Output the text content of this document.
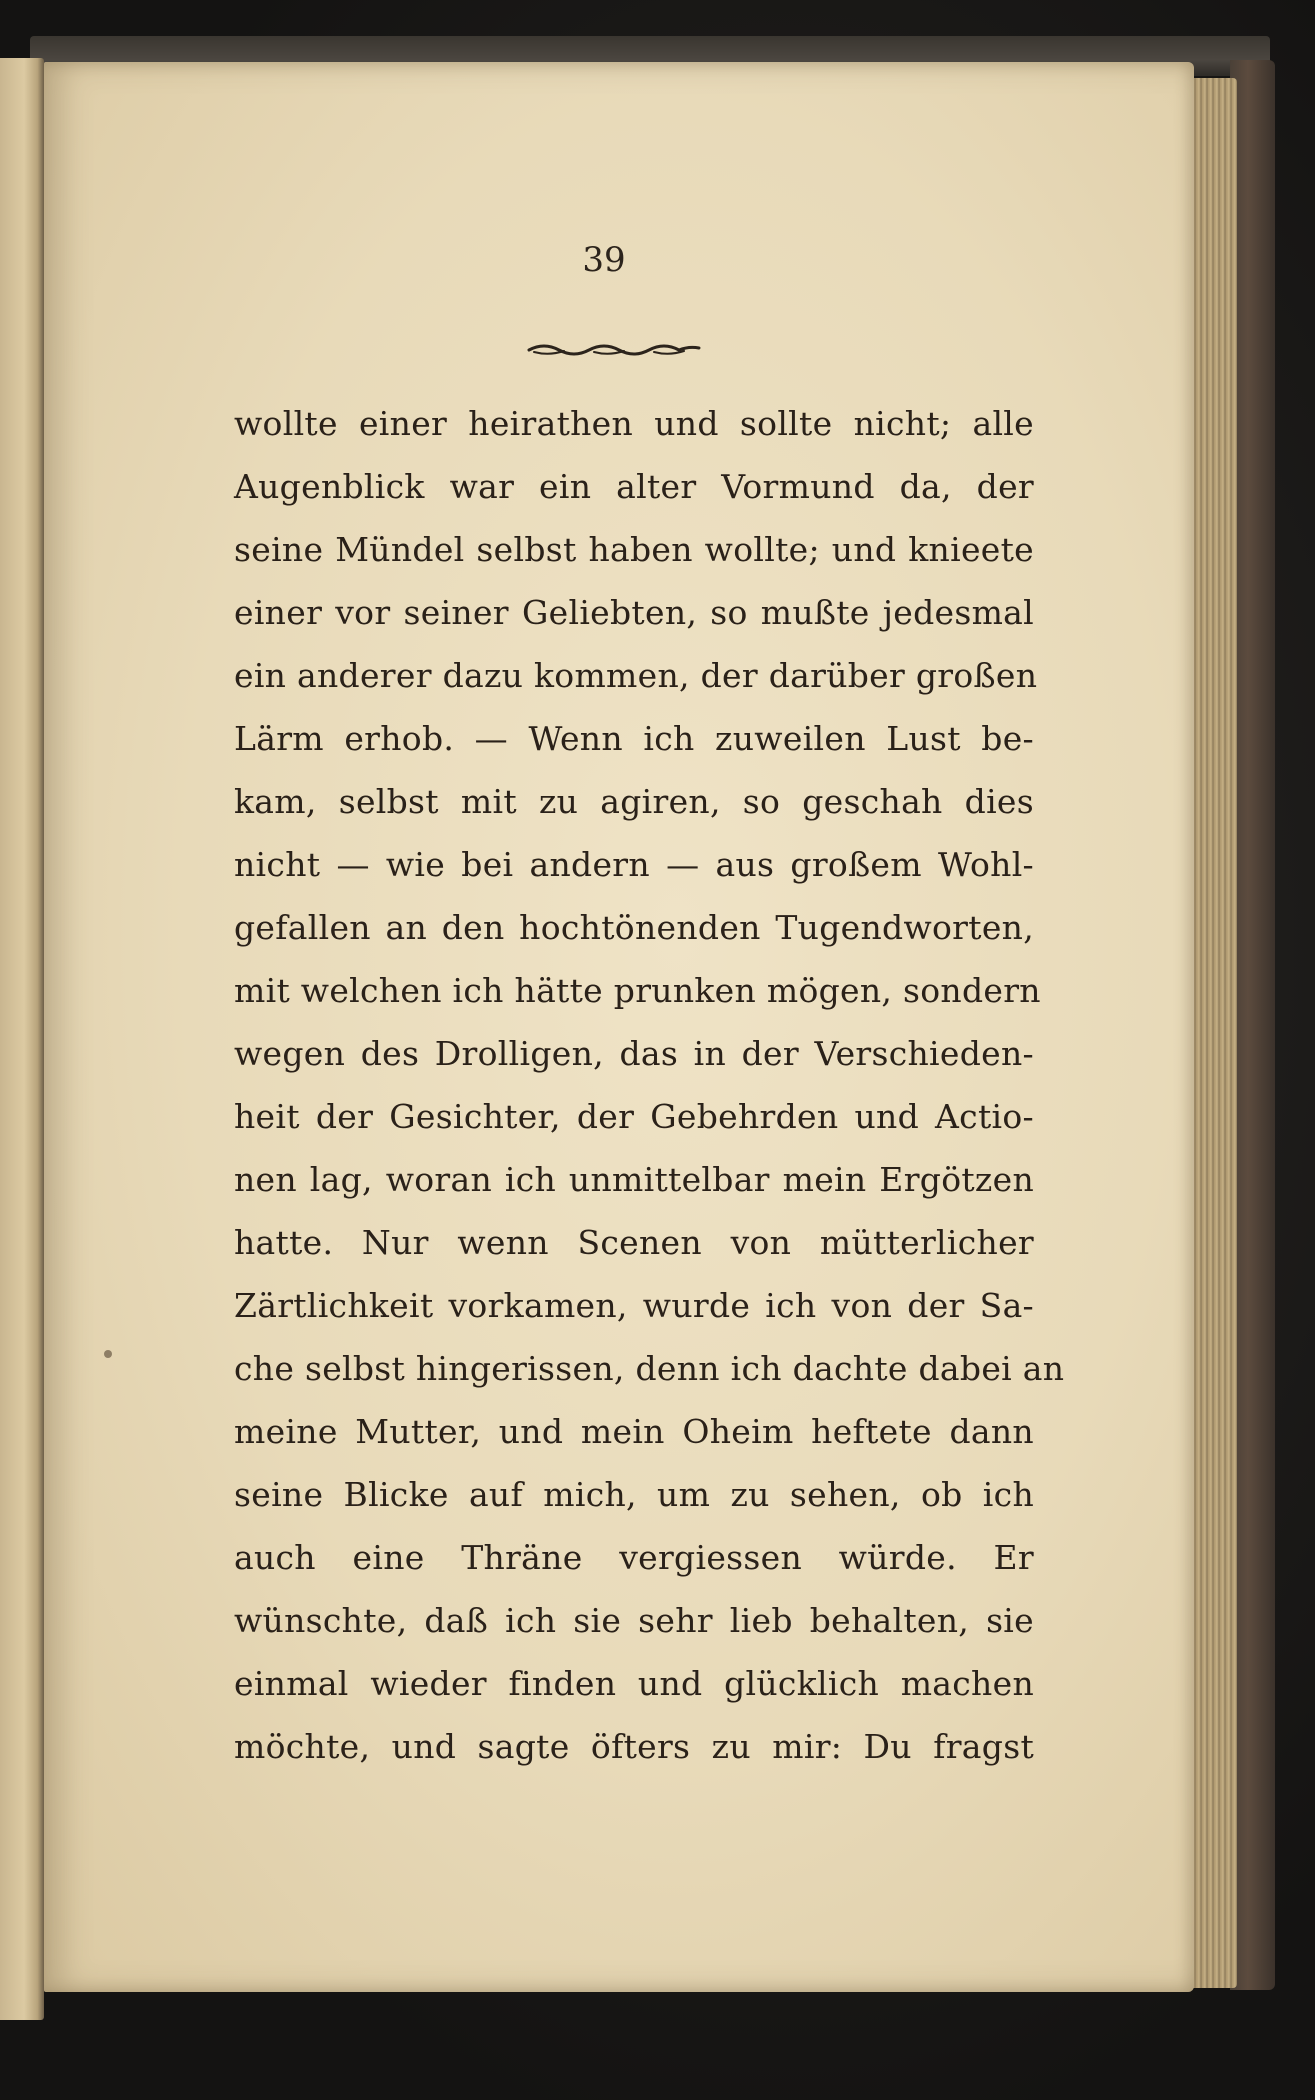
39
wollte einer heirathen und sollte nicht; alle
Augenblick war ein alter Vormund da, der
seine Mündel selbst haben wollte; und knieete
einer vor seiner Geliebten, so mußte jedesmal
ein anderer dazu kommen, der darüber großen
Lärm erhob. — Wenn ich zuweilen Lust be-
kam, selbst mit zu agiren, so geschah dies
nicht — wie bei andern — aus großem Wohl-
gefallen an den hochtönenden Tugendworten,
mit welchen ich hätte prunken mögen, sondern
wegen des Drolligen, das in der Verschieden-
heit der Gesichter, der Gebehrden und Actio-
nen lag, woran ich unmittelbar mein Ergötzen
hatte. Nur wenn Scenen von mütterlicher
Zärtlichkeit vorkamen, wurde ich von der Sa-
che selbst hingerissen, denn ich dachte dabei an
meine Mutter, und mein Oheim heftete dann
seine Blicke auf mich, um zu sehen, ob ich
auch eine Thräne vergiessen würde. Er
wünschte, daß ich sie sehr lieb behalten, sie
einmal wieder finden und glücklich machen
möchte, und sagte öfters zu mir: Du fragst
